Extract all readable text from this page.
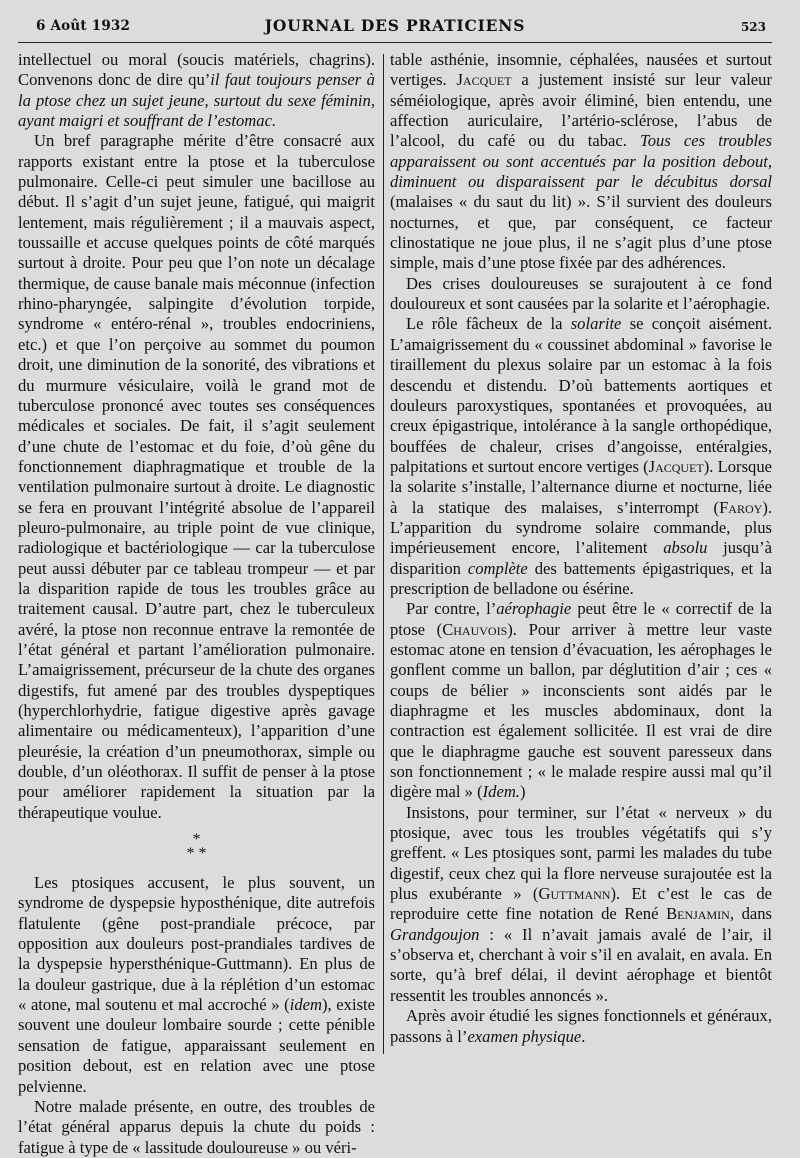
6 Août 1932	JOURNAL DES PRATICIENS	523

intellectuel ou moral (soucis matériels, chagrins). Convenons donc de dire qu’il faut toujours penser à la ptose chez un sujet jeune, surtout du sexe féminin, ayant maigri et souffrant de l’estomac.

Un bref paragraphe mérite d’être consacré aux rapports existant entre la ptose et la tuberculose pulmonaire. Celle-ci peut simuler une bacillose au début. Il s’agit d’un sujet jeune, fatigué, qui maigrit lentement, mais régulièrement ; il a mauvais aspect, toussaille et accuse quelques points de côté marqués surtout à droite. Pour peu que l’on note un décalage thermique, de cause banale mais méconnue (infection rhino-pharyngée, salpingite d’évolution torpide, syndrome « entéro-rénal », troubles endocriniens, etc.) et que l’on perçoive au sommet du poumon droit, une diminution de la sonorité, des vibrations et du murmure vésiculaire, voilà le grand mot de tuberculose prononcé avec toutes ses conséquences médicales et sociales. De fait, il s’agit seulement d’une chute de l’estomac et du foie, d’où gêne du fonctionnement diaphragmatique et trouble de la ventilation pulmonaire surtout à droite. Le diagnostic se fera en prouvant l’intégrité absolue de l’appareil pleuro-pulmonaire, au triple point de vue clinique, radiologique et bactériologique — car la tuberculose peut aussi débuter par ce tableau trompeur — et par la disparition rapide de tous les troubles grâce au traitement causal. D’autre part, chez le tuberculeux avéré, la ptose non reconnue entrave la remontée de l’état général et partant l’amélioration pulmonaire. L’amaigrissement, précurseur de la chute des organes digestifs, fut amené par des troubles dyspeptiques (hyperchlorhydrie, fatigue digestive après gavage alimentaire ou médicamenteux), l’apparition d’une pleurésie, la création d’un pneumothorax, simple ou double, d’un oléothorax. Il suffit de penser à la ptose pour améliorer rapidement la situation par la thérapeutique voulue.

*
* *

Les ptosiques accusent, le plus souvent, un syndrome de dyspepsie hyposthénique, dite autrefois flatulente (gêne post-prandiale précoce, par opposition aux douleurs post-prandiales tardives de la dyspepsie hypersthénique-Guttmann). En plus de la douleur gastrique, due à la réplétion d’un estomac « atone, mal soutenu et mal accroché » (idem), existe souvent une douleur lombaire sourde ; cette pénible sensation de fatigue, apparaissant seulement en position debout, est en relation avec une ptose pelvienne.

Notre malade présente, en outre, des troubles de l’état général apparus depuis la chute du poids : fatigue à type de « lassitude douloureuse » ou véri-

table asthénie, insomnie, céphalées, nausées et surtout vertiges. Jacquet a justement insisté sur leur valeur séméiologique, après avoir éliminé, bien entendu, une affection auriculaire, l’artério-sclérose, l’abus de l’alcool, du café ou du tabac. Tous ces troubles apparaissent ou sont accentués par la position debout, diminuent ou disparaissent par le décubitus dorsal (malaises « du saut du lit) ». S’il survient des douleurs nocturnes, et que, par conséquent, ce facteur clinostatique ne joue plus, il ne s’agit plus d’une ptose simple, mais d’une ptose fixée par des adhérences.

Des crises douloureuses se surajoutent à ce fond douloureux et sont causées par la solarite et l’aérophagie.

Le rôle fâcheux de la solarite se conçoit aisément. L’amaigrissement du « coussinet abdominal » favorise le tiraillement du plexus solaire par un estomac à la fois descendu et distendu. D’où battements aortiques et douleurs paroxystiques, spontanées et provoquées, au creux épigastrique, intolérance à la sangle orthopédique, bouffées de chaleur, crises d’angoisse, entéralgies, palpitations et surtout encore vertiges (Jacquet). Lorsque la solarite s’installe, l’alternance diurne et nocturne, liée à la statique des malaises, s’interrompt (Faroy). L’apparition du syndrome solaire commande, plus impérieusement encore, l’alitement absolu jusqu’à disparition complète des battements épigastriques, et la prescription de belladone ou ésérine.

Par contre, l’aérophagie peut être le « correctif de la ptose (Chauvois). Pour arriver à mettre leur vaste estomac atone en tension d’évacuation, les aérophages le gonflent comme un ballon, par déglutition d’air ; ces « coups de bélier » inconscients sont aidés par le diaphragme et les muscles abdominaux, dont la contraction est également sollicitée. Il est vrai de dire que le diaphragme gauche est souvent paresseux dans son fonctionnement ; « le malade respire aussi mal qu’il digère mal » (Idem.)

Insistons, pour terminer, sur l’état « nerveux » du ptosique, avec tous les troubles végétatifs qui s’y greffent. « Les ptosiques sont, parmi les malades du tube digestif, ceux chez qui la flore nerveuse surajoutée est la plus exubérante » (Guttmann). Et c’est le cas de reproduire cette fine notation de René Benjamin, dans Grandgoujon : « Il n’avait jamais avalé de l’air, il s’observa et, cherchant à voir s’il en avalait, en avala. En sorte, qu’à bref délai, il devint aérophage et bientôt ressentit les troubles annoncés ».

Après avoir étudié les signes fonctionnels et généraux, passons à l’examen physique.
